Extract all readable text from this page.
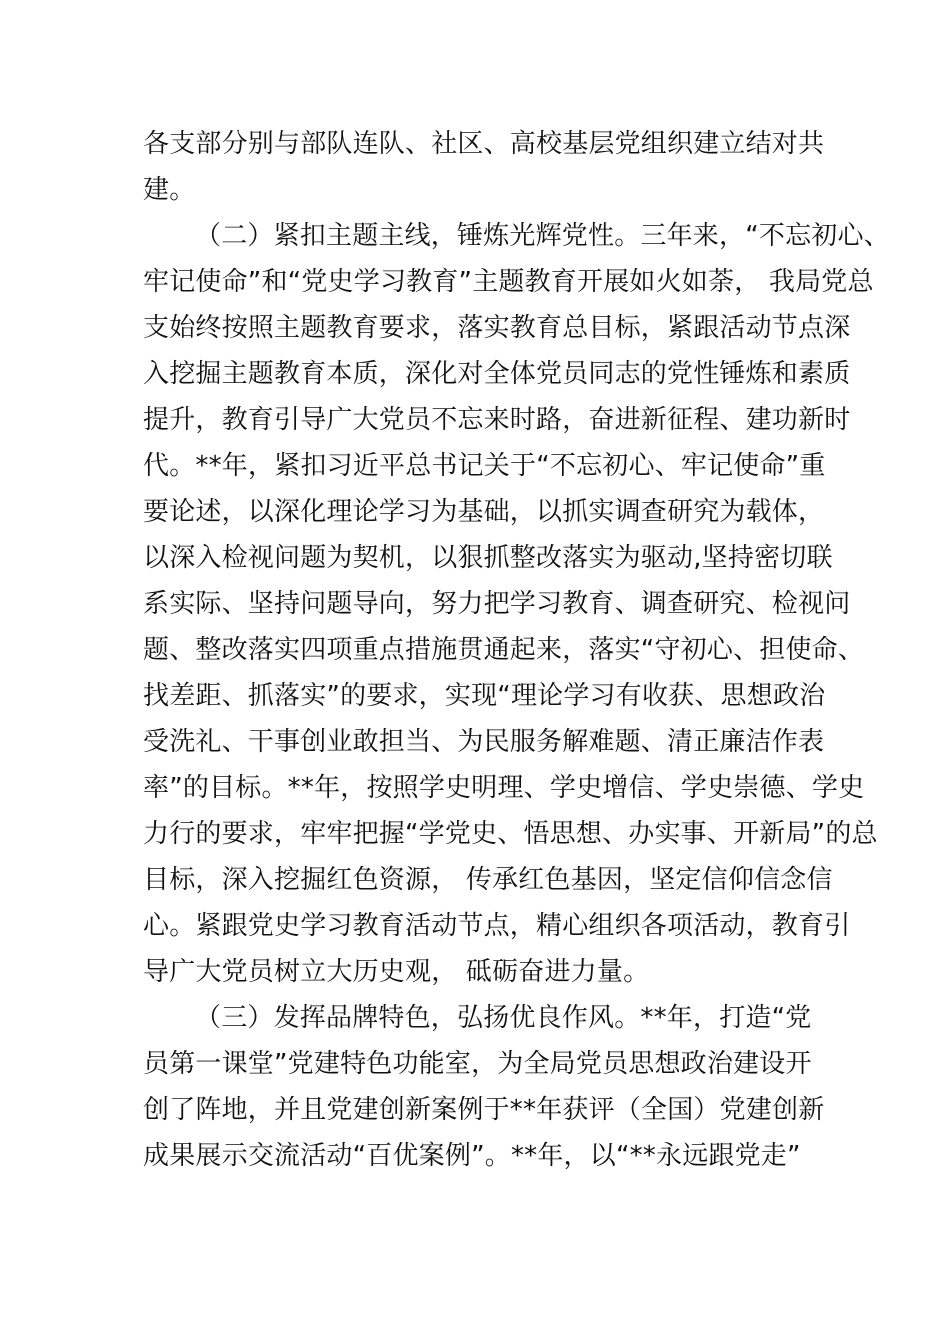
各支部分别与部队连队、社区、高校基层党组织建立结对共

建。

（二）紧扣主题主线，锤炼光辉党性。三年来，“不忘初心、

牢记使命”和“党史学习教育”主题教育开展如火如荼， 我局党总

支始终按照主题教育要求，落实教育总目标，紧跟活动节点深

入挖掘主题教育本质，深化对全体党员同志的党性锤炼和素质

提升，教育引导广大党员不忘来时路，奋进新征程、建功新时

代。**年，紧扣习近平总书记关于“不忘初心、牢记使命”重

要论述，以深化理论学习为基础，以抓实调查研究为载体，

以深入检视问题为契机，以狠抓整改落实为驱动,坚持密切联

系实际、坚持问题导向，努力把学习教育、调查研究、检视问

题、整改落实四项重点措施贯通起来，落实“守初心、担使命、

找差距、抓落实”的要求，实现“理论学习有收获、思想政治

受洗礼、干事创业敢担当、为民服务解难题、清正廉洁作表

率”的目标。**年，按照学史明理、学史增信、学史崇德、学史

力行的要求，牢牢把握“学党史、悟思想、办实事、开新局”的总

目标，深入挖掘红色资源， 传承红色基因，坚定信仰信念信

心。紧跟党史学习教育活动节点，精心组织各项活动，教育引

导广大党员树立大历史观， 砥砺奋进力量。

（三）发挥品牌特色，弘扬优良作风。**年，打造“党

员第一课堂”党建特色功能室，为全局党员思想政治建设开

创了阵地，并且党建创新案例于**年获评（全国）党建创新

成果展示交流活动“百优案例”。**年，以“**永远跟党走”
